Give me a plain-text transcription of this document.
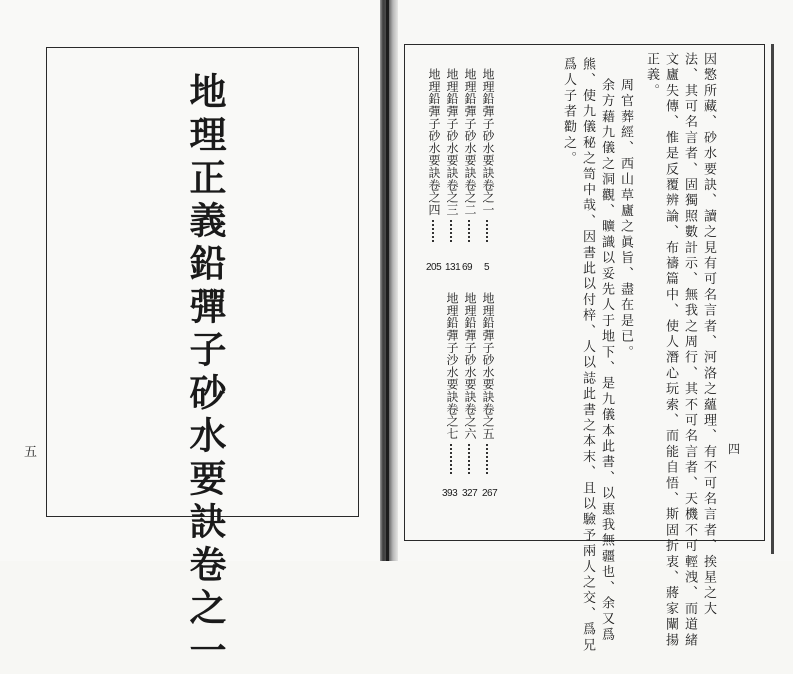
地理正義鉛彈子砂水要訣卷之一
五	因憼所藏、砂水要訣、讀之見有可名言者、河洛之蘊理、有不可名言者、挨星之大
法、其可名言者、固獨照數計示、無我之周行、其不可名言者、天機不可輕洩、而道緒
文廬失傳、惟是反覆辨論、布禱篇中、使人潛心玩索、而能自悟、斯固折衷、蔣家闡揚
正義。
周官葬經、西山草廬之眞旨、盡在是已。
余方藉九儀之洞觀、曠識以妥先人于地下、是九儀本此書、以惠我無疆也、余又爲
熊、使九儀秘之笥中哉、因書此以付梓、人以誌此書之本末、且以驗予兩人之交、爲兄
爲人子者勸之。
地理鉛彈子砂水要訣卷之一
5
地理鉛彈子砂水要訣卷之二
69
地理鉛彈子砂水要訣卷之三
131
地理鉛彈子砂水要訣卷之四
205
地理鉛彈子砂水要訣卷之五
267
地理鉛彈子砂水要訣卷之六
327
地理鉛彈子沙水要訣卷之七
393
四
